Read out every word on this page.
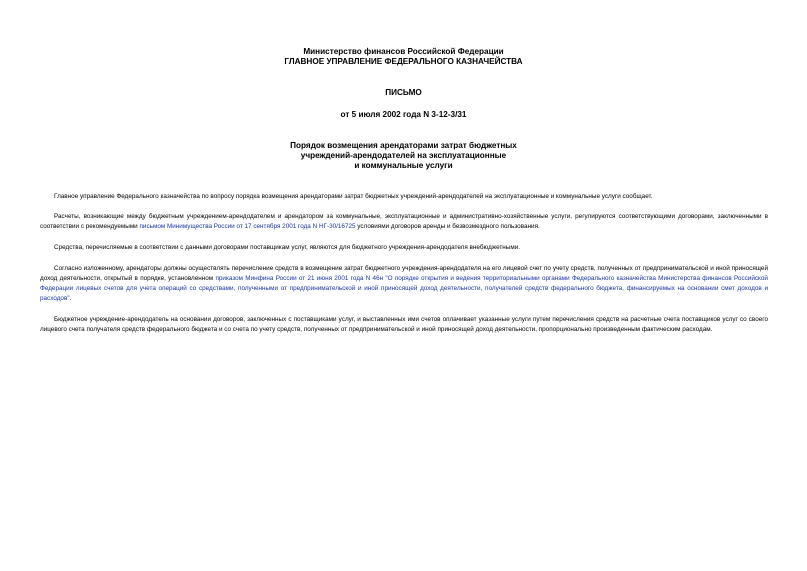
Министерство финансов Российской Федерации
ГЛАВНОЕ УПРАВЛЕНИЕ ФЕДЕРАЛЬНОГО КАЗНАЧЕЙСТВА
ПИСЬМО
от 5 июля 2002 года N 3-12-3/31
Порядок возмещения арендаторами затрат бюджетных
учреждений-арендодателей на эксплуатационные
и коммунальные услуги
Главное управление Федерального казначейства по вопросу порядка возмещения арендаторами затрат бюджетных учреждений-арендодателей на эксплуатационные и коммунальные услуги сообщает.
Расчеты, возникающие между бюджетным учреждением-арендодателем и арендатором за коммунальные, эксплуатационные и административно-хозяйственные услуги, регулируются соответствующими договорами, заключенными в соответствии с рекомендуемыми письмом Минимущества России от 17 сентября 2001 года N НГ-30/16725 условиями договоров аренды и безвозмездного пользования.
Средства, перечисляемые в соответствии с данными договорами поставщикам услуг, являются для бюджетного учреждения-арендодателя внебюджетными.
Согласно изложенному, арендаторы должны осуществлять перечисление средств в возмещение затрат бюджетного учреждения-арендодателя на его лицевой счет по учету средств, полученных от предпринимательской и иной приносящей доход деятельности, открытый в порядке, установленном приказом Минфина России от 21 июня 2001 года N 46н "О порядке открытия и ведения территориальными органами Федерального казначейства Министерства финансов Российской Федерации лицевых счетов для учета операций со средствами, полученными от предпринимательской и иной приносящей доход деятельности, получателей средств федерального бюджета, финансируемых на основании смет доходов и расходов".
Бюджетное учреждение-арендодатель на основании договоров, заключенных с поставщиками услуг, и выставленных ими счетов оплачивает указанные услуги путем перечисления средств на расчетные счета поставщиков услуг со своего лицевого счета получателя средств федерального бюджета и со счета по учету средств, полученных от предпринимательской и иной приносящей доход деятельности, пропорционально произведенным фактическим расходам.
